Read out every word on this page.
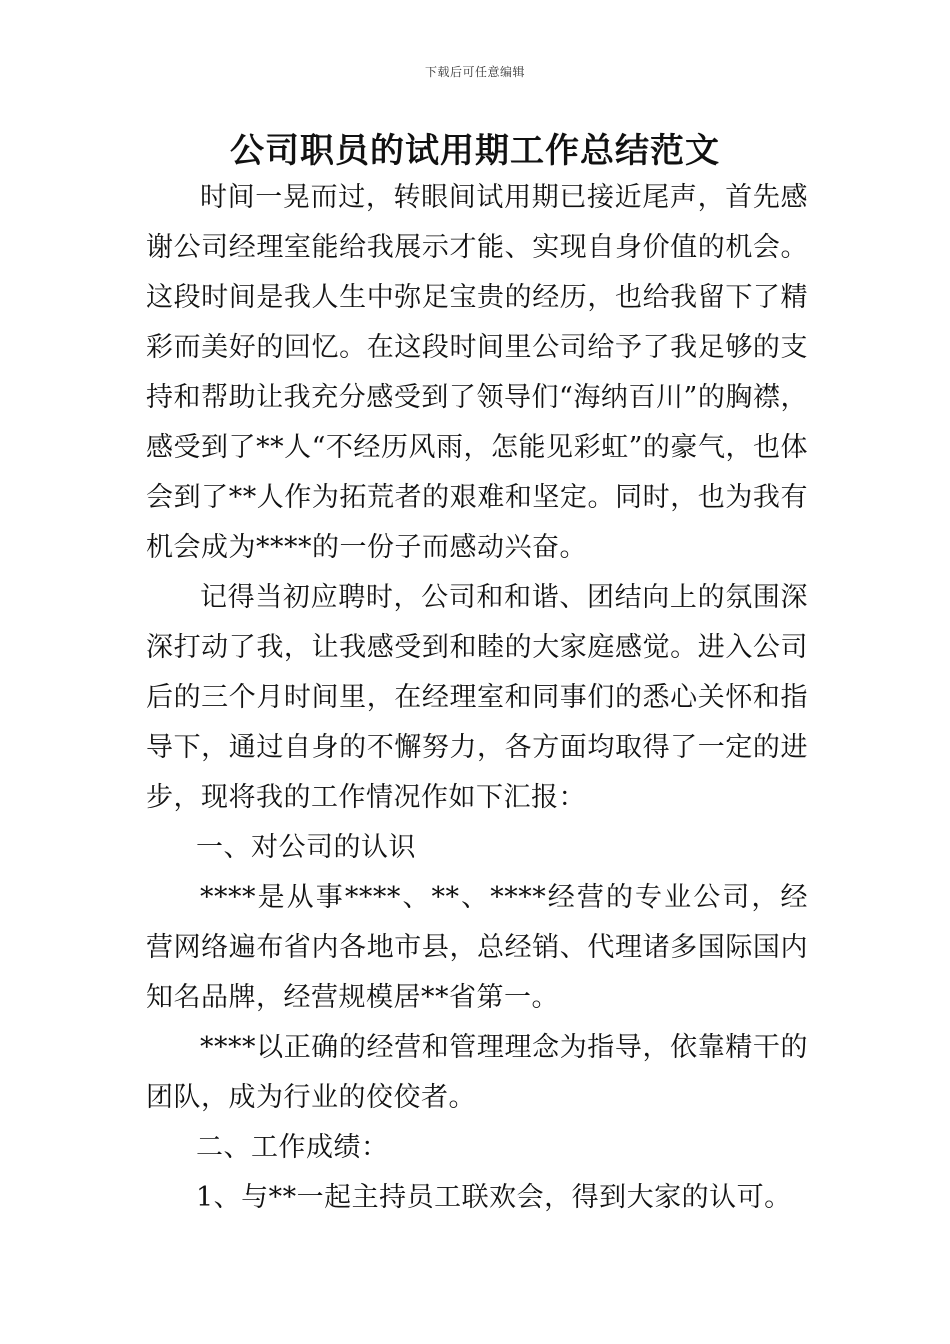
下载后可任意编辑
公司职员的试用期工作总结范文

时间一晃而过，转眼间试用期已接近尾声，首先感谢公司经理室能给我展示才能、实现自身价值的机会。这段时间是我人生中弥足宝贵的经历，也给我留下了精彩而美好的回忆。在这段时间里公司给予了我足够的支持和帮助让我充分感受到了领导们“海纳百川”的胸襟，感受到了**人“不经历风雨，怎能见彩虹”的豪气，也体会到了**人作为拓荒者的艰难和坚定。同时，也为我有机会成为****的一份子而感动兴奋。

记得当初应聘时，公司和和谐、团结向上的氛围深深打动了我，让我感受到和睦的大家庭感觉。进入公司后的三个月时间里，在经理室和同事们的悉心关怀和指导下，通过自身的不懈努力，各方面均取得了一定的进步，现将我的工作情况作如下汇报：

一、对公司的认识

****是从事****、**、****经营的专业公司，经营网络遍布省内各地市县，总经销、代理诸多国际国内知名品牌，经营规模居**省第一。

****以正确的经营和管理理念为指导，依靠精干的团队，成为行业的佼佼者。

二、工作成绩：

1、与**一起主持员工联欢会，得到大家的认可。
